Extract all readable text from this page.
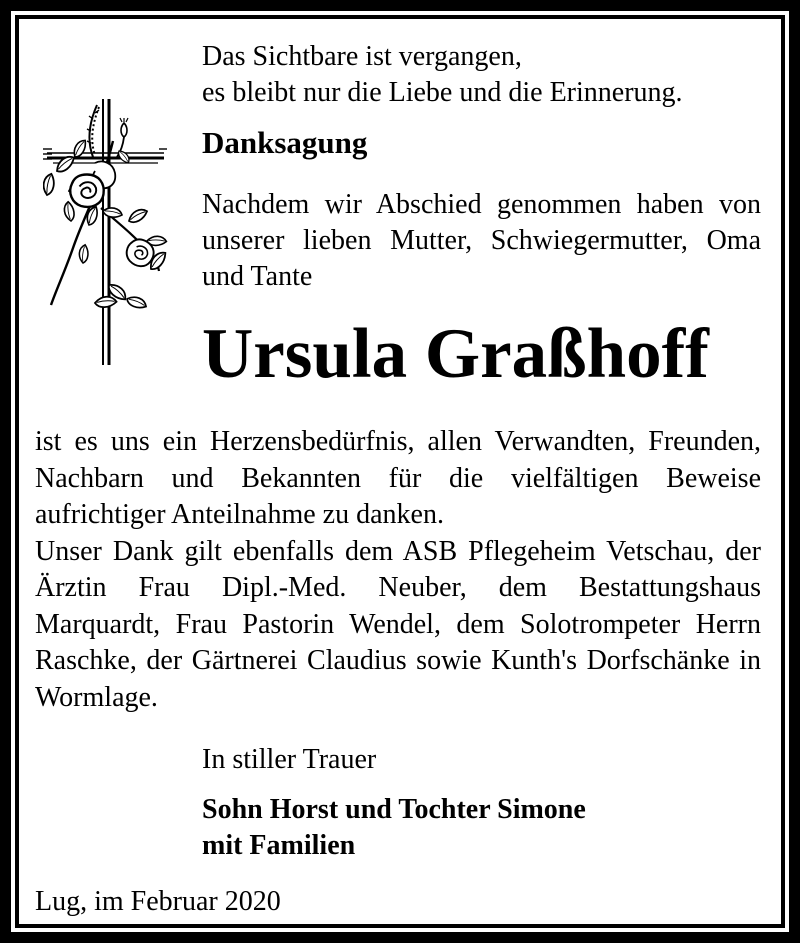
Das Sichtbare ist vergangen,
es bleibt nur die Liebe und die Erinnerung.

Danksagung

Nachdem wir Abschied genommen haben von unserer lieben Mutter, Schwiegermutter, Oma und Tante

Ursula Graßhoff

ist es uns ein Herzensbedürfnis, allen Verwandten, Freunden, Nachbarn und Bekannten für die vielfältigen Beweise aufrichtiger Anteilnahme zu danken.

Unser Dank gilt ebenfalls dem ASB Pflegeheim Vetschau, der Ärztin Frau Dipl.-Med. Neuber, dem Bestattungshaus Marquardt, Frau Pastorin Wendel, dem Solotrompeter Herrn Raschke, der Gärtnerei Claudius sowie Kunth's Dorfschänke in Wormlage.

In stiller Trauer

Sohn Horst und Tochter Simone
mit Familien

Lug, im Februar 2020
